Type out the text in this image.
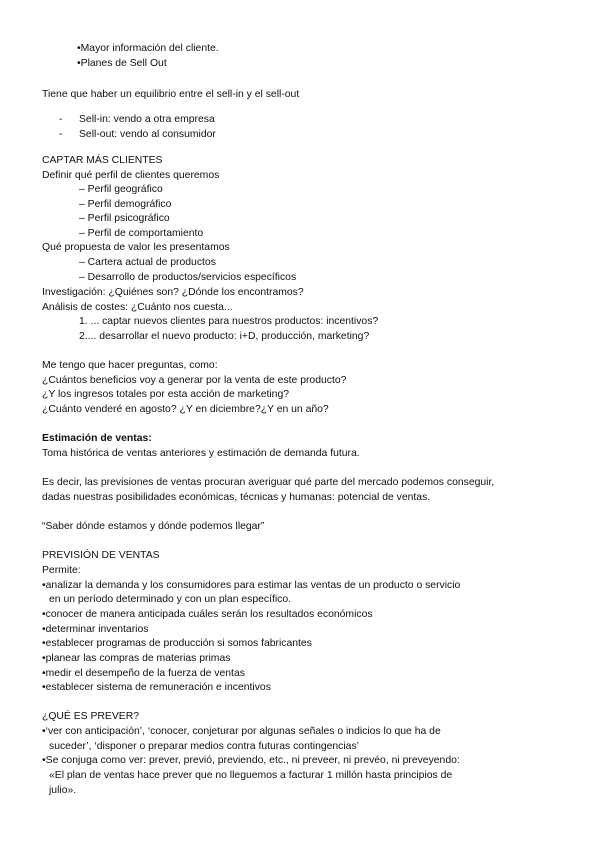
• Mayor información del cliente.
• Planes de Sell Out
Tiene que haber un equilibrio entre el sell-in y el sell-out
- Sell-in: vendo a otra empresa
- Sell-out: vendo al consumidor
CAPTAR MÁS CLIENTES
Definir qué perfil de clientes queremos
– Perfil geográfico
– Perfil demográfico
– Perfil psicográfico
– Perfil de comportamiento
Qué propuesta de valor les presentamos
– Cartera actual de productos
– Desarrollo de productos/servicios específicos
Investigación: ¿Quiénes son? ¿Dónde los encontramos?
Análisis de costes: ¿Cuánto nos cuesta...
1. ... captar nuevos clientes para nuestros productos: incentivos?
2.... desarrollar el nuevo producto: i+D, producción, marketing?
Me tengo que hacer preguntas, como:
¿Cuántos beneficios voy a generar por la venta de este producto?
¿Y los ingresos totales por esta acción de marketing?
¿Cuánto venderé en agosto? ¿Y en diciembre?¿Y en un año?
Estimación de ventas:
Toma histórica de ventas anteriores y estimación de demanda futura.
Es decir, las previsiones de ventas procuran averiguar qué parte del mercado podemos conseguir,
dadas nuestras posibilidades económicas, técnicas y humanas: potencial de ventas.
“Saber dónde estamos y dónde podemos llegar”
PREVISIÓN DE VENTAS
Permite:
• analizar la demanda y los consumidores para estimar las ventas de un producto o servicio
en un período determinado y con un plan específico.
• conocer de manera anticipada cuáles serán los resultados económicos
• determinar inventarios
• establecer programas de producción si somos fabricantes
• planear las compras de materias primas
• medir el desempeño de la fuerza de ventas
• establecer sistema de remuneración e incentivos
¿QUÉ ES PREVER?
• ‘ver con anticipación’, ‘conocer, conjeturar por algunas señales o indicios lo que ha de
suceder’, ‘disponer o preparar medios contra futuras contingencias’
• Se conjuga como ver: prever, previó, previendo, etc., ni preveer, ni prevéo, ni preveyendo:
«El plan de ventas hace prever que no lleguemos a facturar 1 millón hasta principios de
julio».
